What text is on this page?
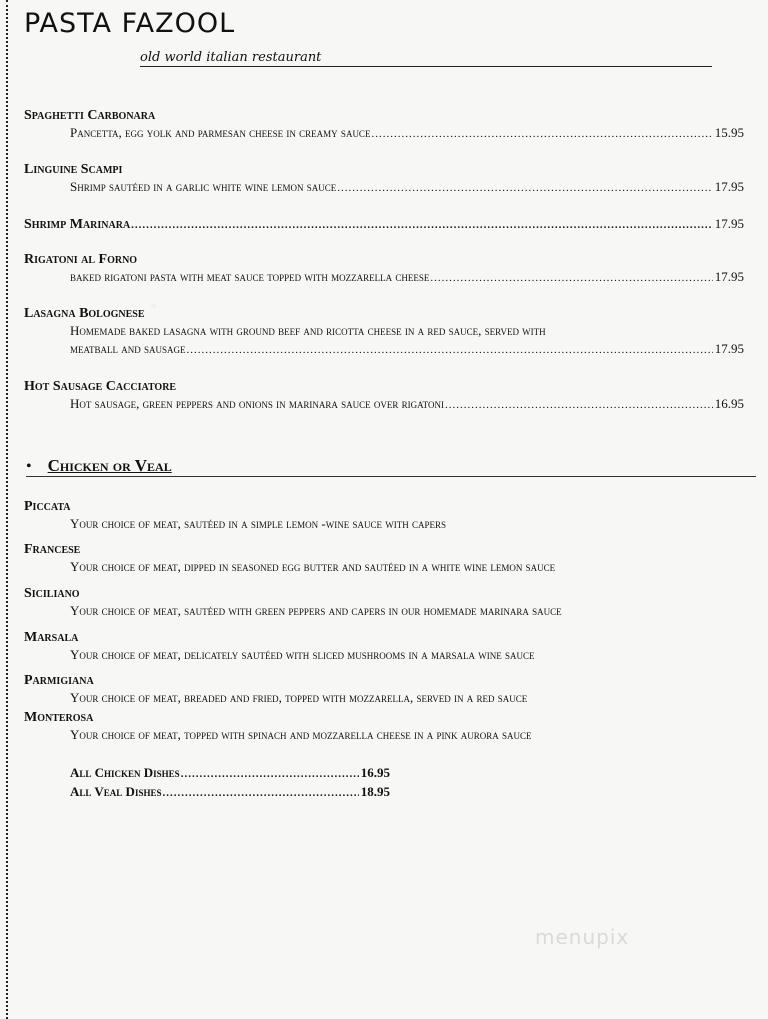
PASTA FAZOOL
old world italian restaurant
Spaghetti Carbonara
Pancetta, egg yolk and parmesan cheese in creamy sauce .....	15.95
Linguine Scampi
Shrimp sautéed in a garlic white wine lemon sauce .....	17.95
Shrimp Marinara .....	17.95
Rigatoni al Forno
baked rigatoni pasta with meat sauce topped with mozzarella cheese .....	17.95
Lasagna Bolognese
Homemade baked lasagna with ground beef and ricotta cheese in a red sauce, served with
meatball and sausage .....	17.95
Hot Sausage Cacciatore
Hot sausage, green peppers and onions in marinara sauce over rigatoni .....	16.95
• Chicken or Veal
Piccata
Your choice of meat, sautéed in a simple lemon -wine sauce with capers
Francese
Your choice of meat, dipped in seasoned egg butter and sautéed in a white wine lemon sauce
Siciliano
Your choice of meat, sautéed with green peppers and capers in our homemade marinara sauce
Marsala
Your choice of meat, delicately sautéed with sliced mushrooms in a marsala wine sauce
Parmigiana
Your choice of meat, breaded and fried, topped with mozzarella, served in a red sauce
Monterosa
Your choice of meat, topped with spinach and mozzarella cheese in a pink aurora sauce
All Chicken Dishes .....	16.95
All Veal Dishes .....	18.95
menupix
